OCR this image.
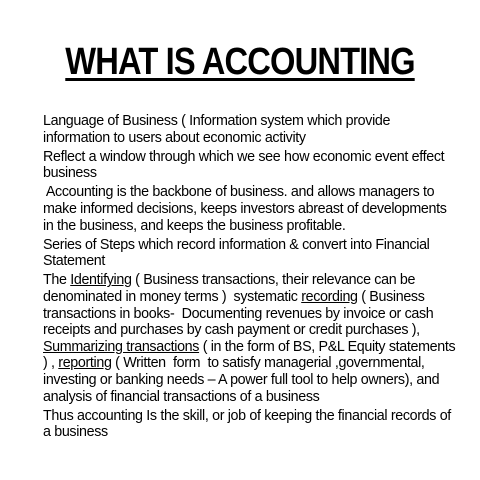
WHAT IS ACCOUNTING

Language of Business ( Information system which provide
information to users about economic activity

Reflect a window through which we see how economic event effect
business

Accounting is the backbone of business. and allows managers to
make informed decisions, keeps investors abreast of developments
in the business, and keeps the business profitable.

Series of Steps which record information & convert into Financial
Statement

The Identifying ( Business transactions, their relevance can be
denominated in money terms )  systematic recording ( Business
transactions in books-  Documenting revenues by invoice or cash
receipts and purchases by cash payment or credit purchases ),
Summarizing transactions ( in the form of BS, P&L Equity statements
) , reporting ( Written  form  to satisfy managerial ,governmental,
investing or banking needs – A power full tool to help owners), and
analysis of financial transactions of a business

Thus accounting Is the skill, or job of keeping the financial records of
a business
